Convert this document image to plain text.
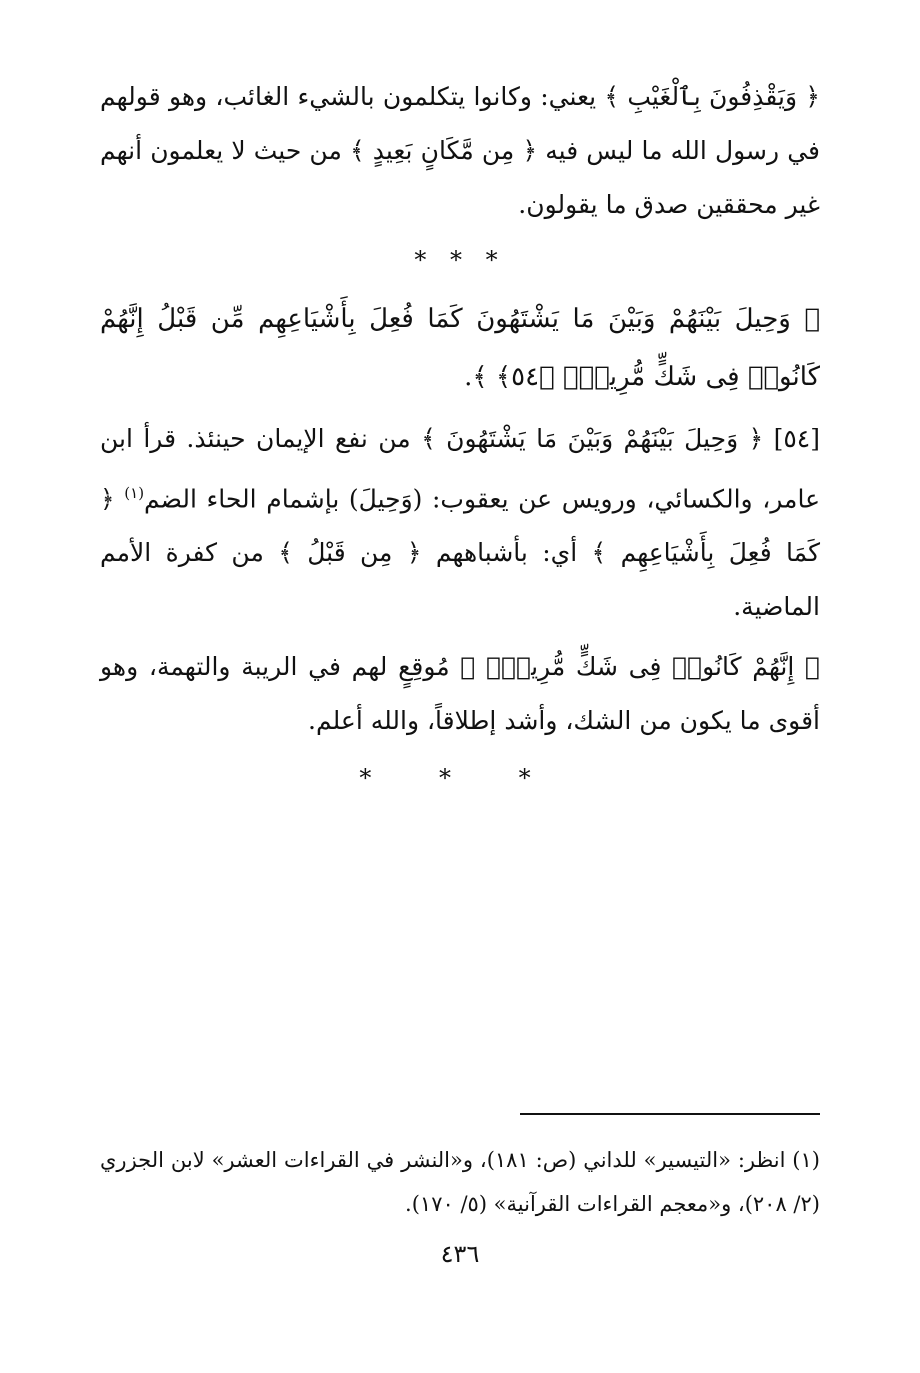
﴿ وَيَقْذِفُونَ بِٱلْغَيْبِ ﴾ يعني: وكانوا يتكلمون بالشيء الغائب، وهو قولهم في رسول الله ما ليس فيه ﴿ مِن مَّكَانٍ بَعِيدٍ ﴾ من حيث لا يعلمون أنهم غير محققين صدق ما يقولون.

* * *

﴿ وَحِيلَ بَيْنَهُمْ وَبَيْنَ مَا يَشْتَهُونَ كَمَا فُعِلَ بِأَشْيَاعِهِم مِّن قَبْلُ إِنَّهُمْ كَانُوا۟ فِى شَكٍّ مُّرِيبٍۭ ﴿٥٤﴾ ﴾.

[٥٤] ﴿ وَحِيلَ بَيْنَهُمْ وَبَيْنَ مَا يَشْتَهُونَ ﴾ من نفع الإيمان حينئذ. قرأ ابن عامر، والكسائي، ورويس عن يعقوب: (وَحِيلَ) بإشمام الحاء الضم$^{(١)}$ ﴿ كَمَا فُعِلَ بِأَشْيَاعِهِم ﴾ أي: بأشباههم ﴿ مِن قَبْلُ ﴾ من كفرة الأمم الماضية.

﴿ إِنَّهُمْ كَانُوا۟ فِى شَكٍّ مُّرِيبٍۭ ﴾ مُوقِعٍ لهم في الريبة والتهمة، وهو أقوى ما يكون من الشك، وأشد إطلاقاً، والله أعلم.

* * *

(١) انظر: «التيسير» للداني (ص: ١٨١)، و«النشر في القراءات العشر» لابن الجزري (٢/ ٢٠٨)، و«معجم القراءات القرآنية» (٥/ ١٧٠).

٤٣٦
